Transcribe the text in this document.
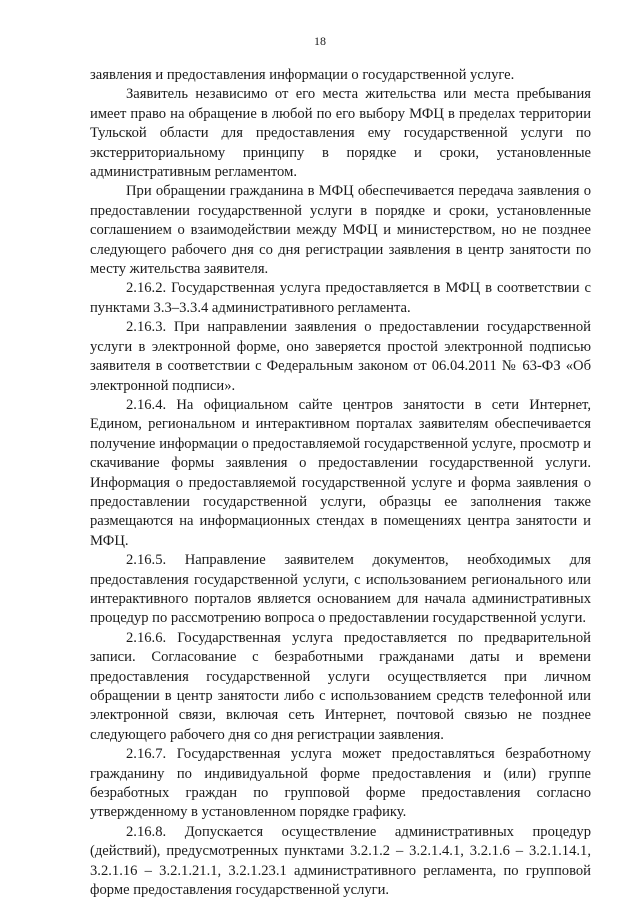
18

заявления и предоставления информации о государственной услуге.

Заявитель независимо от его места жительства или места пребывания имеет право на обращение в любой по его выбору МФЦ в пределах территории Тульской области для предоставления ему государственной услуги по экстерриториальному принципу в порядке и сроки, установленные административным регламентом.

При обращении гражданина в МФЦ обеспечивается передача заявления о предоставлении государственной услуги в порядке и сроки, установленные соглашением о взаимодействии между МФЦ и министерством, но не позднее следующего рабочего дня со дня регистрации заявления в центр занятости по месту жительства заявителя.

2.16.2. Государственная услуга предоставляется в МФЦ в соответствии с пунктами 3.3–3.3.4 административного регламента.

2.16.3. При направлении заявления о предоставлении государственной услуги в электронной форме, оно заверяется простой электронной подписью заявителя в соответствии с Федеральным законом от 06.04.2011 № 63-ФЗ «Об электронной подписи».

2.16.4. На официальном сайте центров занятости в сети Интернет, Едином, региональном и интерактивном порталах заявителям обеспечивается получение информации о предоставляемой государственной услуге, просмотр и скачивание формы заявления о предоставлении государственной услуги. Информация о предоставляемой государственной услуге и формa заявления о предоставлении государственной услуги, образцы ее заполнения также размещаются на информационных стендах в помещениях центра занятости и МФЦ.

2.16.5. Направление заявителем документов, необходимых для предоставления государственной услуги, с использованием регионального или интерактивного порталов является основанием для начала административных процедур по рассмотрению вопроса о предоставлении государственной услуги.

2.16.6. Государственная услуга предоставляется по предварительной записи. Согласование с безработными гражданами даты и времени предоставления государственной услуги осуществляется при личном обращении в центр занятости либо с использованием средств телефонной или электронной связи, включая сеть Интернет, почтовой связью не позднее следующего рабочего дня со дня регистрации заявления.

2.16.7. Государственная услуга может предоставляться безработному гражданину по индивидуальной форме предоставления и (или) группе безработных граждан по групповой форме предоставления согласно утвержденному в установленном порядке графику.

2.16.8. Допускается осуществление административных процедур (действий), предусмотренных пунктами 3.2.1.2 – 3.2.1.4.1, 3.2.1.6 – 3.2.1.14.1, 3.2.1.16 – 3.2.1.21.1, 3.2.1.23.1 административного регламента, по групповой форме предоставления государственной услуги.
